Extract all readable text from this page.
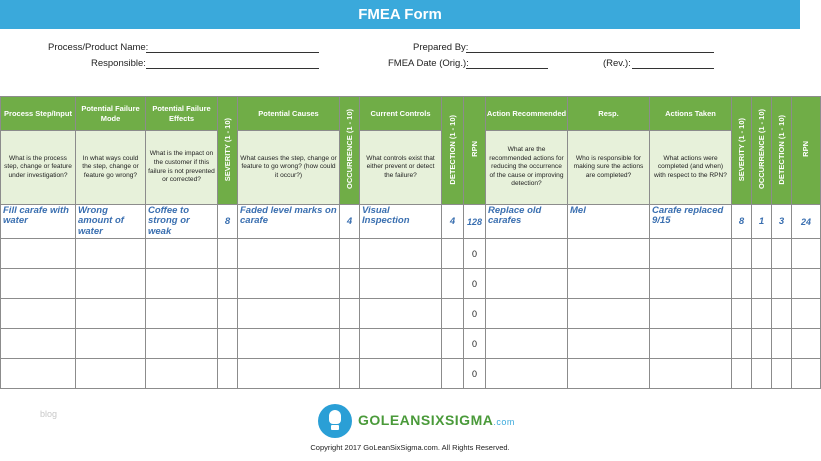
FMEA Form
Process/Product Name:
Responsible:
Prepared By:
FMEA Date (Orig.):	(Rev.):
Process Step/Input	Potential Failure Mode	Potential Failure Effects	SEVERITY (1 - 10)	Potential Causes	OCCURRENCE (1 - 10)	Current Controls	DETECTION (1 - 10)	RPN	Action Recommended	Resp.	Actions Taken	SEVERITY (1 - 10)	OCCURRENCE (1 - 10)	DETECTION (1 - 10)	RPN
What is the process step, change or feature under investigation?	In what ways could the step, change or feature go wrong?	What is the impact on the customer if this failure is not prevented or corrected?		What causes the step, change or feature to go wrong? (how could it occur?)		What controls exist that either prevent or detect the failure?			What are the recommended actions for reducing the occurrence of the cause or improving detection?	Who is responsible for making sure the actions are completed?	What actions were completed (and when) with respect to the RPN?				
Fill carafe with water	Wrong amount of water	Coffee to strong or weak	8	Faded level marks on carafe	4	Visual Inspection	4	128	Replace old carafes	Mel	Carafe replaced 9/15	8	1	3	24
								0							
								0							
								0							
								0							
								0							
blog	GOLEANSIXSIGMA.com
Copyright 2017 GoLeanSixSigma.com. All Rights Reserved.
